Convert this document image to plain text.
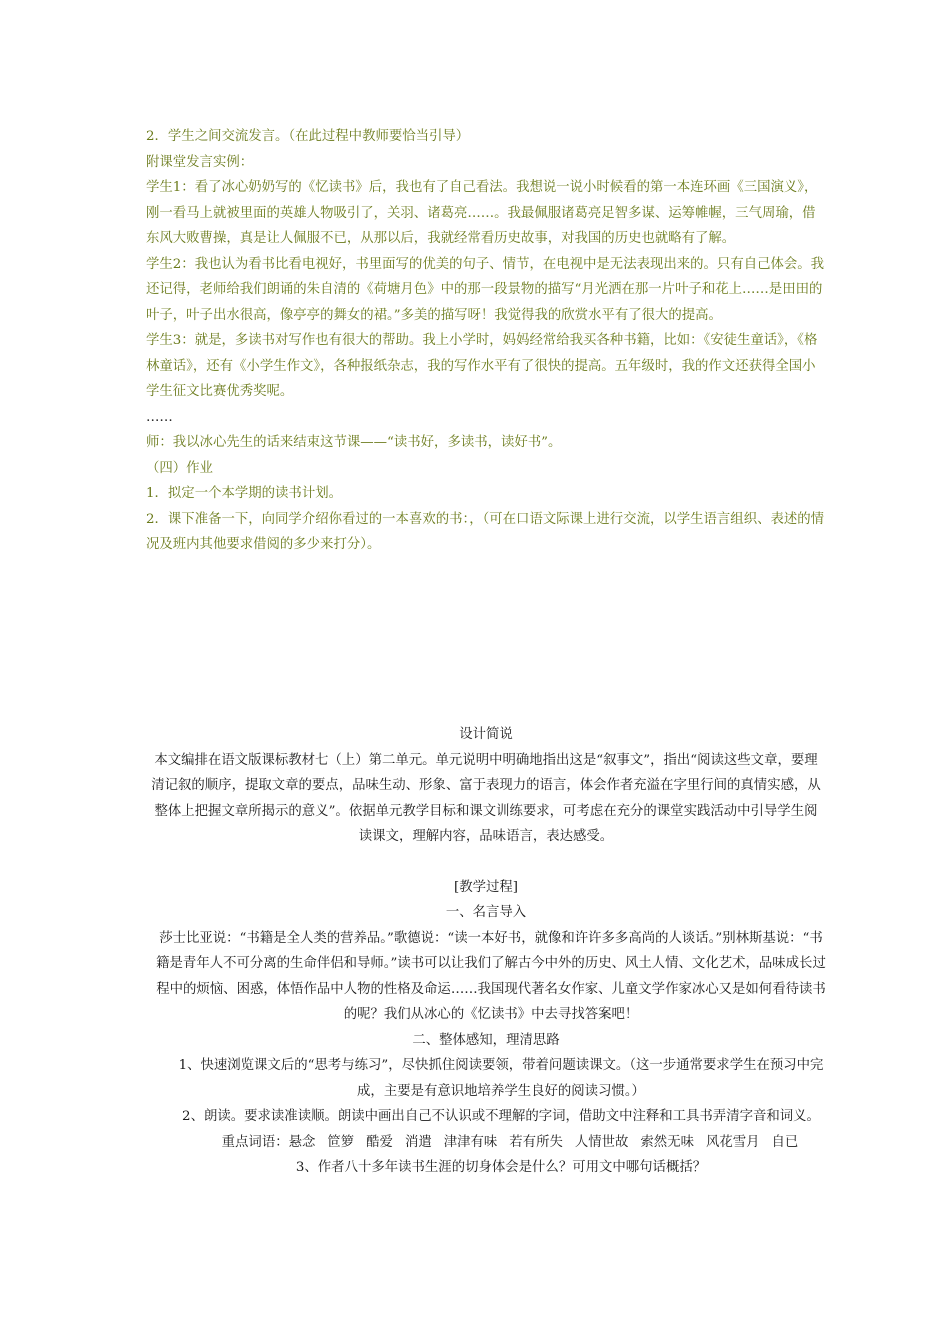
2．学生之间交流发言。（在此过程中教师要恰当引导）

附课堂发言实例：

学生1：看了冰心奶奶写的《忆读书》后，我也有了自己看法。我想说一说小时候看的第一本连环画《三国演义》，刚一看马上就被里面的英雄人物吸引了，关羽、诸葛亮……。我最佩服诸葛亮足智多谋、运筹帷幄，三气周瑜，借东风大败曹操，真是让人佩服不已，从那以后，我就经常看历史故事，对我国的历史也就略有了解。

学生2：我也认为看书比看电视好，书里面写的优美的句子、情节，在电视中是无法表现出来的。只有自己体会。我还记得，老师给我们朗诵的朱自清的《荷塘月色》中的那一段景物的描写“月光洒在那一片叶子和花上……是田田的叶子，叶子出水很高，像亭亭的舞女的裙。”多美的描写呀！我觉得我的欣赏水平有了很大的提高。

学生3：就是，多读书对写作也有很大的帮助。我上小学时，妈妈经常给我买各种书籍，比如：《安徒生童话》，《格林童话》，还有《小学生作文》，各种报纸杂志，我的写作水平有了很快的提高。五年级时，我的作文还获得全国小学生征文比赛优秀奖呢。

……

师：我以冰心先生的话来结束这节课——“读书好，多读书，读好书”。

（四）作业

1．拟定一个本学期的读书计划。

2．课下准备一下，向同学介绍你看过的一本喜欢的书：，（可在口语文际课上进行交流，以学生语言组织、表述的情况及班内其他要求借阅的多少来打分）。

设计简说

本文编排在语文版课标教材七（上）第二单元。单元说明中明确地指出这是“叙事文”，指出“阅读这些文章，要理清记叙的顺序，提取文章的要点，品味生动、形象、富于表现力的语言，体会作者充溢在字里行间的真情实感，从整体上把握文章所揭示的意义”。依据单元教学目标和课文训练要求，可考虑在充分的课堂实践活动中引导学生阅读课文，理解内容，品味语言，表达感受。

[教学过程]

一、名言导入

莎士比亚说：“书籍是全人类的营养品。”歌德说：“读一本好书，就像和许许多多高尚的人谈话。”别林斯基说：“书籍是青年人不可分离的生命伴侣和导师。”读书可以让我们了解古今中外的历史、风土人情、文化艺术，品味成长过程中的烦恼、困惑，体悟作品中人物的性格及命运……我国现代著名女作家、儿童文学作家冰心又是如何看待读书的呢？我们从冰心的《忆读书》中去寻找答案吧！

二、整体感知，理清思路

1、快速浏览课文后的“思考与练习”，尽快抓住阅读要领，带着问题读课文。（这一步通常要求学生在预习中完成，主要是有意识地培养学生良好的阅读习惯。）

2、朗读。要求读准读顺。朗读中画出自己不认识或不理解的字词，借助文中注释和工具书弄清字音和词义。

重点词语：悬念 笸箩 酷爱 消遣 津津有味 若有所失 人情世故 索然无味 风花雪月 自已

3、作者八十多年读书生涯的切身体会是什么？可用文中哪句话概括？
